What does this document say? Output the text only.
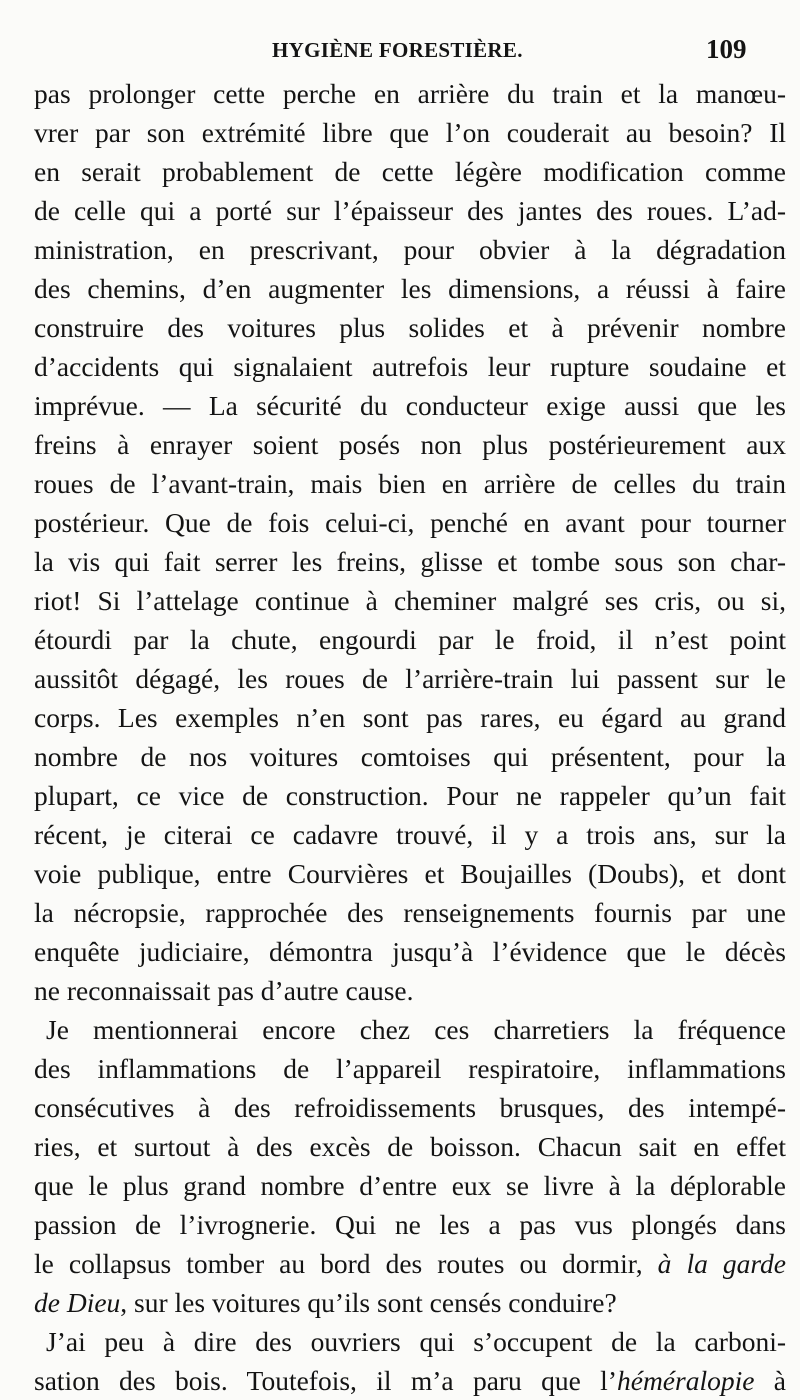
HYGIÈNE FORESTIÈRE.	109
pas prolonger cette perche en arrière du train et la manœu-
vrer par son extrémité libre que l’on couderait au besoin? Il
en serait probablement de cette légère modification comme
de celle qui a porté sur l’épaisseur des jantes des roues. L’ad-
ministration, en prescrivant, pour obvier à la dégradation
des chemins, d’en augmenter les dimensions, a réussi à faire
construire des voitures plus solides et à prévenir nombre
d’accidents qui signalaient autrefois leur rupture soudaine et
imprévue. — La sécurité du conducteur exige aussi que les
freins à enrayer soient posés non plus postérieurement aux
roues de l’avant-train, mais bien en arrière de celles du train
postérieur. Que de fois celui-ci, penché en avant pour tourner
la vis qui fait serrer les freins, glisse et tombe sous son char-
riot! Si l’attelage continue à cheminer malgré ses cris, ou si,
étourdi par la chute, engourdi par le froid, il n’est point
aussitôt dégagé, les roues de l’arrière-train lui passent sur le
corps. Les exemples n’en sont pas rares, eu égard au grand
nombre de nos voitures comtoises qui présentent, pour la
plupart, ce vice de construction. Pour ne rappeler qu’un fait
récent, je citerai ce cadavre trouvé, il y a trois ans, sur la
voie publique, entre Courvières et Boujailles (Doubs), et dont
la nécropsie, rapprochée des renseignements fournis par une
enquête judiciaire, démontra jusqu’à l’évidence que le décès
ne reconnaissait pas d’autre cause.
Je mentionnerai encore chez ces charretiers la fréquence
des inflammations de l’appareil respiratoire, inflammations
consécutives à des refroidissements brusques, des intempé-
ries, et surtout à des excès de boisson. Chacun sait en effet
que le plus grand nombre d’entre eux se livre à la déplorable
passion de l’ivrognerie. Qui ne les a pas vus plongés dans
le collapsus tomber au bord des routes ou dormir, à la garde
de Dieu, sur les voitures qu’ils sont censés conduire?
J’ai peu à dire des ouvriers qui s’occupent de la carboni-
sation des bois. Toutefois, il m’a paru que l’héméralopie à
